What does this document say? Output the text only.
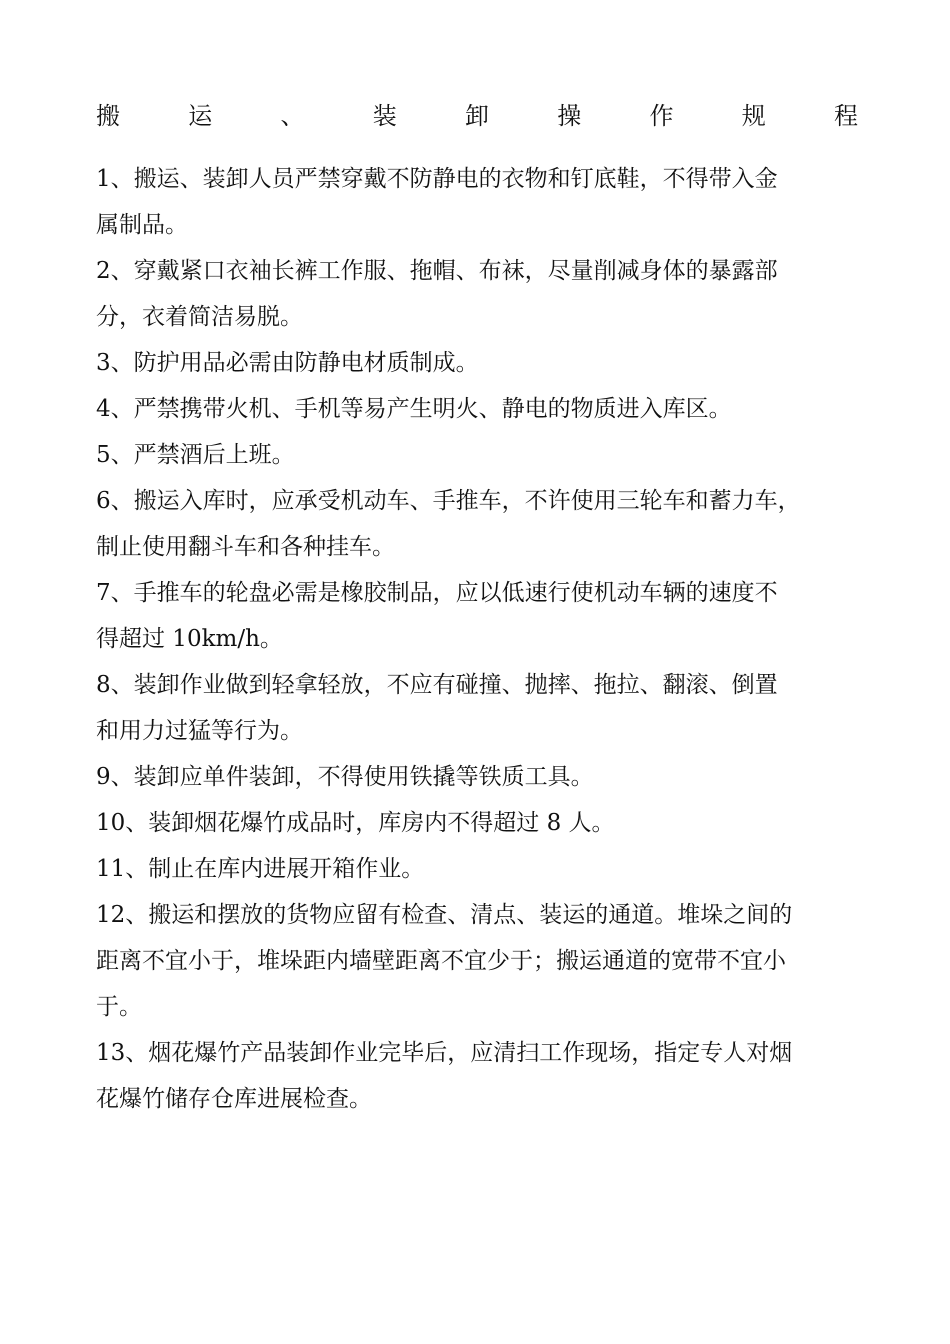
搬	运	、	装	卸	操	作	规	程

1、搬运、装卸人员严禁穿戴不防静电的衣物和钉底鞋，不得带入金
属制品。

2、穿戴紧口衣袖长裤工作服、拖帽、布袜，尽量削减身体的暴露部
分，衣着简洁易脱。

3、防护用品必需由防静电材质制成。

4、严禁携带火机、手机等易产生明火、静电的物质进入库区。

5、严禁酒后上班。

6、搬运入库时，应承受机动车、手推车，不许使用三轮车和蓄力车，
制止使用翻斗车和各种挂车。

7、手推车的轮盘必需是橡胶制品，应以低速行使机动车辆的速度不
得超过 10km/h。

8、装卸作业做到轻拿轻放，不应有碰撞、抛摔、拖拉、翻滚、倒置
和用力过猛等行为。

9、装卸应单件装卸，不得使用铁撬等铁质工具。

10、装卸烟花爆竹成品时，库房内不得超过 8 人。

11、制止在库内进展开箱作业。

12、搬运和摆放的货物应留有检查、清点、装运的通道。堆垛之间的
距离不宜小于，堆垛距内墙壁距离不宜少于；搬运通道的宽带不宜小
于。

13、烟花爆竹产品装卸作业完毕后，应清扫工作现场，指定专人对烟
花爆竹储存仓库进展检查。
